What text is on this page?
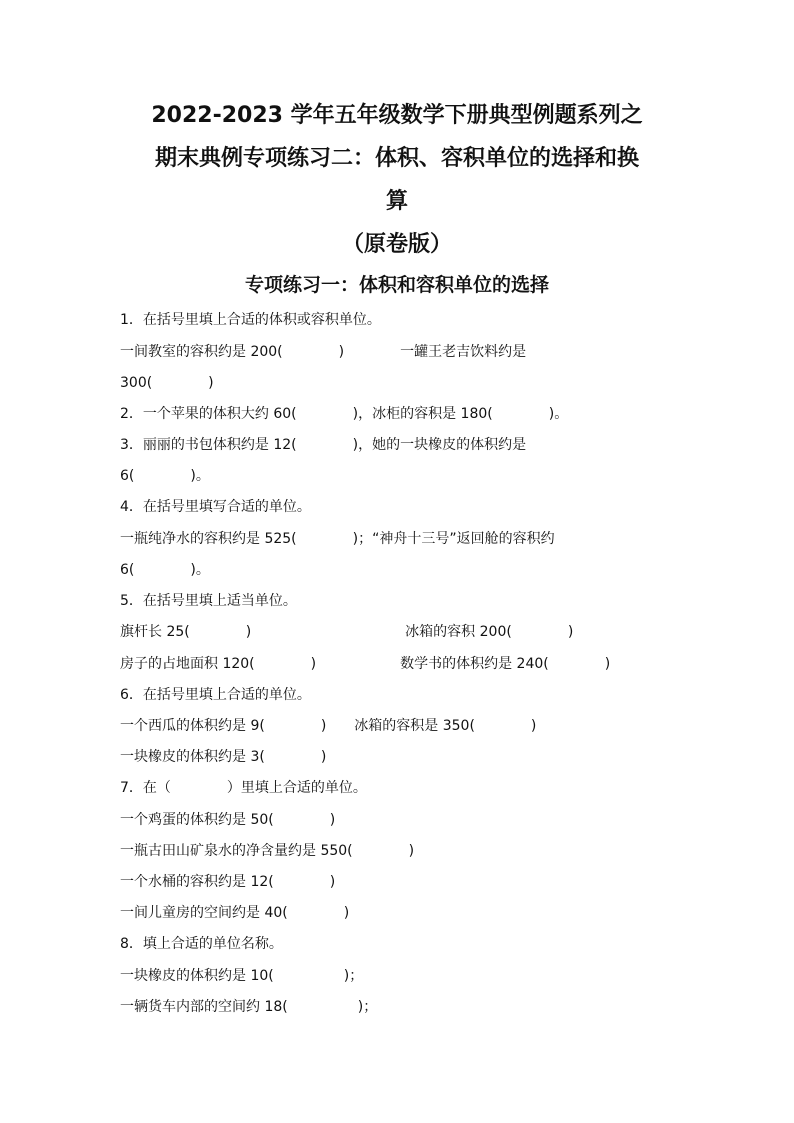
2022-2023 学年五年级数学下册典型例题系列之
期末典例专项练习二：体积、容积单位的选择和换
算
（原卷版）
专项练习一：体积和容积单位的选择
1．在括号里填上合适的体积或容积单位。
一间教室的容积约是 200(　　　　)　　　　一罐王老吉饮料约是
300(　　　　)
2．一个苹果的体积大约 60(　　　　)，冰柜的容积是 180(　　　　)。
3．丽丽的书包体积约是 12(　　　　)，她的一块橡皮的体积约是
6(　　　　)。
4．在括号里填写合适的单位。
一瓶纯净水的容积约是 525(　　　　)；“神舟十三号”返回舱的容积约
6(　　　　)。
5．在括号里填上适当单位。
旗杆长 25(　　　　)　　　　　　　　　　　冰箱的容积 200(　　　　)
房子的占地面积 120(　　　　)　　　　　　数学书的体积约是 240(　　　　)
6．在括号里填上合适的单位。
一个西瓜的体积约是 9(　　　　)　　冰箱的容积是 350(　　　　)
一块橡皮的体积约是 3(　　　　)
7．在（　　　　）里填上合适的单位。
一个鸡蛋的体积约是 50(　　　　)
一瓶古田山矿泉水的净含量约是 550(　　　　)
一个水桶的容积约是 12(　　　　)
一间儿童房的空间约是 40(　　　　)
8．填上合适的单位名称。
一块橡皮的体积约是 10(　　　　　)；
一辆货车内部的空间约 18(　　　　　)；
